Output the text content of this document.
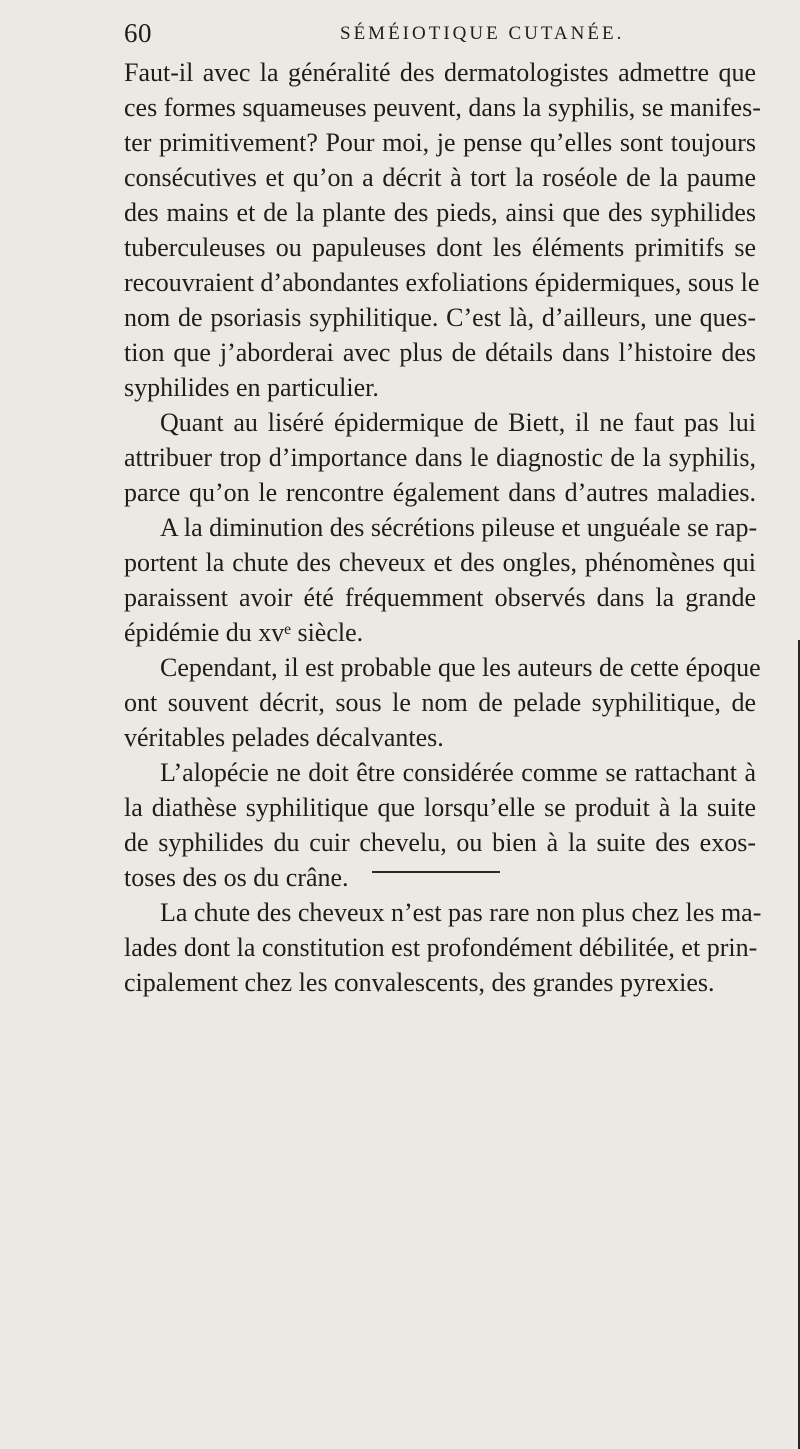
60	SÉMÉIOTIQUE CUTANÉE.
Faut-il avec la généralité des dermatologistes admettre que
ces formes squameuses peuvent, dans la syphilis, se manifes-
ter primitivement? Pour moi, je pense qu’elles sont toujours
consécutives et qu’on a décrit à tort la roséole de la paume
des mains et de la plante des pieds, ainsi que des syphilides
tuberculeuses ou papuleuses dont les éléments primitifs se
recouvraient d’abondantes exfoliations épidermiques, sous le
nom de psoriasis syphilitique. C’est là, d’ailleurs, une ques-
tion que j’aborderai avec plus de détails dans l’histoire des
syphilides en particulier.
Quant au liséré épidermique de Biett, il ne faut pas lui
attribuer trop d’importance dans le diagnostic de la syphilis,
parce qu’on le rencontre également dans d’autres maladies.
A la diminution des sécrétions pileuse et unguéale se rap-
portent la chute des cheveux et des ongles, phénomènes qui
paraissent avoir été fréquemment observés dans la grande
épidémie du xvᵉ siècle.
Cependant, il est probable que les auteurs de cette époque
ont souvent décrit, sous le nom de pelade syphilitique, de
véritables pelades décalvantes.
L’alopécie ne doit être considérée comme se rattachant à
la diathèse syphilitique que lorsqu’elle se produit à la suite
de syphilides du cuir chevelu, ou bien à la suite des exos-
toses des os du crâne.
La chute des cheveux n’est pas rare non plus chez les ma-
lades dont la constitution est profondément débilitée, et prin-
cipalement chez les convalescents, des grandes pyrexies.
